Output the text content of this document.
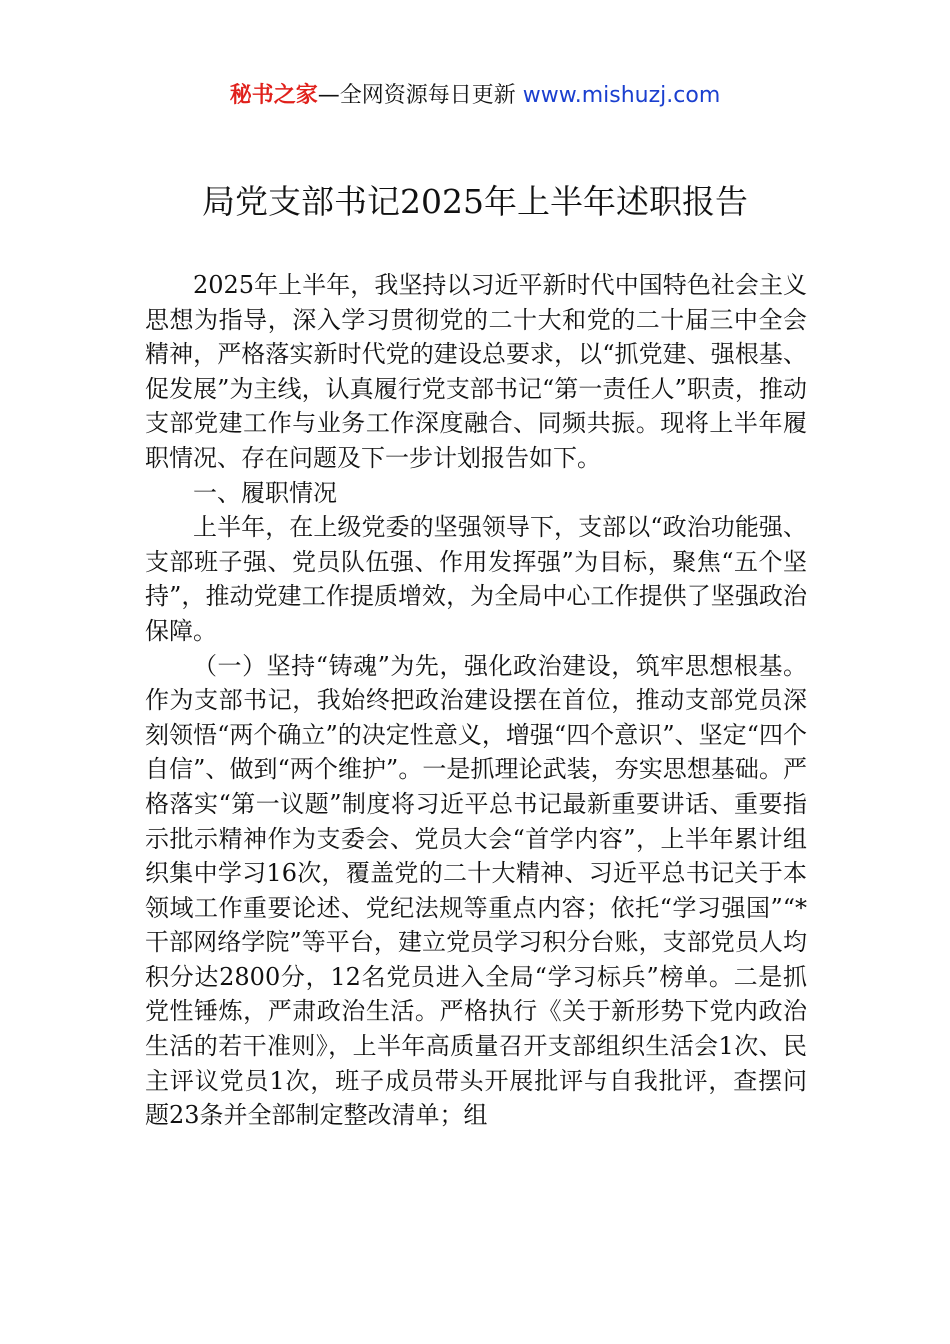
秘书之家—全网资源每日更新 www.mishuzj.com
局党支部书记2025年上半年述职报告

2025年上半年，我坚持以习近平新时代中国特色社会主义思想为指导，深入学习贯彻党的二十大和党的二十届三中全会精神，严格落实新时代党的建设总要求，以“抓党建、强根基、促发展”为主线，认真履行党支部书记“第一责任人”职责，推动支部党建工作与业务工作深度融合、同频共振。现将上半年履职情况、存在问题及下一步计划报告如下。

一、履职情况

上半年，在上级党委的坚强领导下，支部以“政治功能强、支部班子强、党员队伍强、作用发挥强”为目标，聚焦“五个坚持”，推动党建工作提质增效，为全局中心工作提供了坚强政治保障。

（一）坚持“铸魂”为先，强化政治建设，筑牢思想根基。作为支部书记，我始终把政治建设摆在首位，推动支部党员深刻领悟“两个确立”的决定性意义，增强“四个意识”、坚定“四个自信”、做到“两个维护”。一是抓理论武装，夯实思想基础。严格落实“第一议题”制度将习近平总书记最新重要讲话、重要指示批示精神作为支委会、党员大会“首学内容”，上半年累计组织集中学习16次，覆盖党的二十大精神、习近平总书记关于本领域工作重要论述、党纪法规等重点内容；依托“学习强国”“*干部网络学院”等平台，建立党员学习积分台账，支部党员人均积分达2800分，12名党员进入全局“学习标兵”榜单。二是抓党性锤炼，严肃政治生活。严格执行《关于新形势下党内政治生活的若干准则》，上半年高质量召开支部组织生活会1次、民主评议党员1次，班子成员带头开展批评与自我批评，查摆问题23条并全部制定整改清单；组
